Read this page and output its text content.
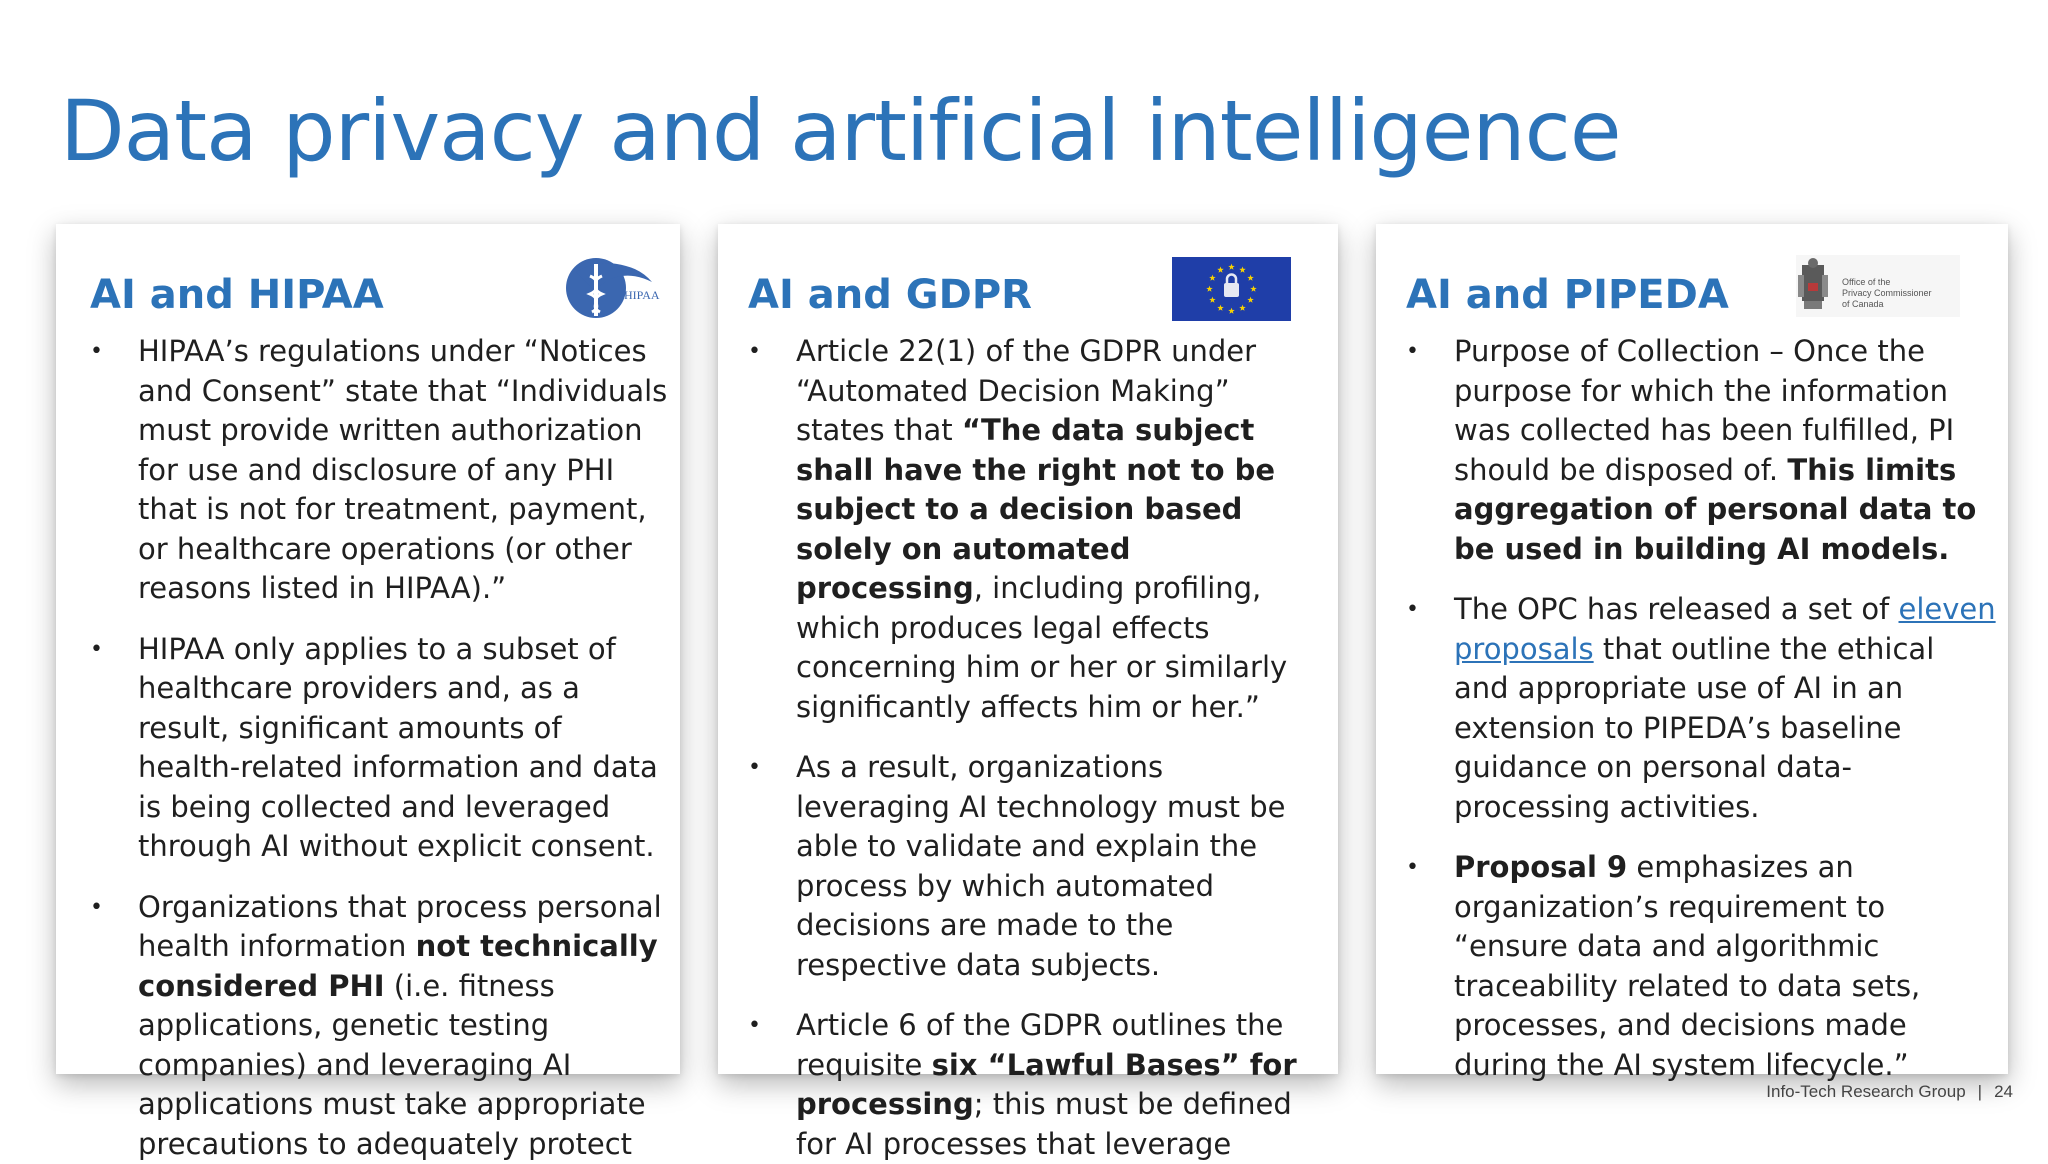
Data privacy and artificial intelligence
HIPAA
Office of the
Privacy Commissioner
of Canada
AI and HIPAA
• HIPAA’s regulations under “Notices and Consent” state that “Individuals must provide written authorization for use and disclosure of any PHI that is not for treatment, payment, or healthcare operations (or other reasons listed in HIPAA).”
• HIPAA only applies to a subset of healthcare providers and, as a result, significant amounts of health-related information and data is being collected and leveraged through AI without explicit consent.
• Organizations that process personal health information not technically considered PHI (i.e. fitness applications, genetic testing companies) and leveraging AI applications must take appropriate precautions to adequately protect
AI and GDPR
• Article 22(1) of the GDPR under “Automated Decision Making” states that “The data subject shall have the right not to be subject to a decision based solely on automated processing, including profiling, which produces legal effects concerning him or her or similarly significantly affects him or her.”
• As a result, organizations leveraging AI technology must be able to validate and explain the process by which automated decisions are made to the respective data subjects.
• Article 6 of the GDPR outlines the requisite six “Lawful Bases” for processing; this must be defined for AI processes that leverage
AI and PIPEDA
• Purpose of Collection – Once the purpose for which the information was collected has been fulfilled, PI should be disposed of. This limits aggregation of personal data to be used in building AI models.
• The OPC has released a set of eleven proposals that outline the ethical and appropriate use of AI in an extension to PIPEDA’s baseline guidance on personal data-processing activities.
• Proposal 9 emphasizes an organization’s requirement to “ensure data and algorithmic traceability related to data sets, processes, and decisions made during the AI system lifecycle.”
Info-Tech Research Group | 24
